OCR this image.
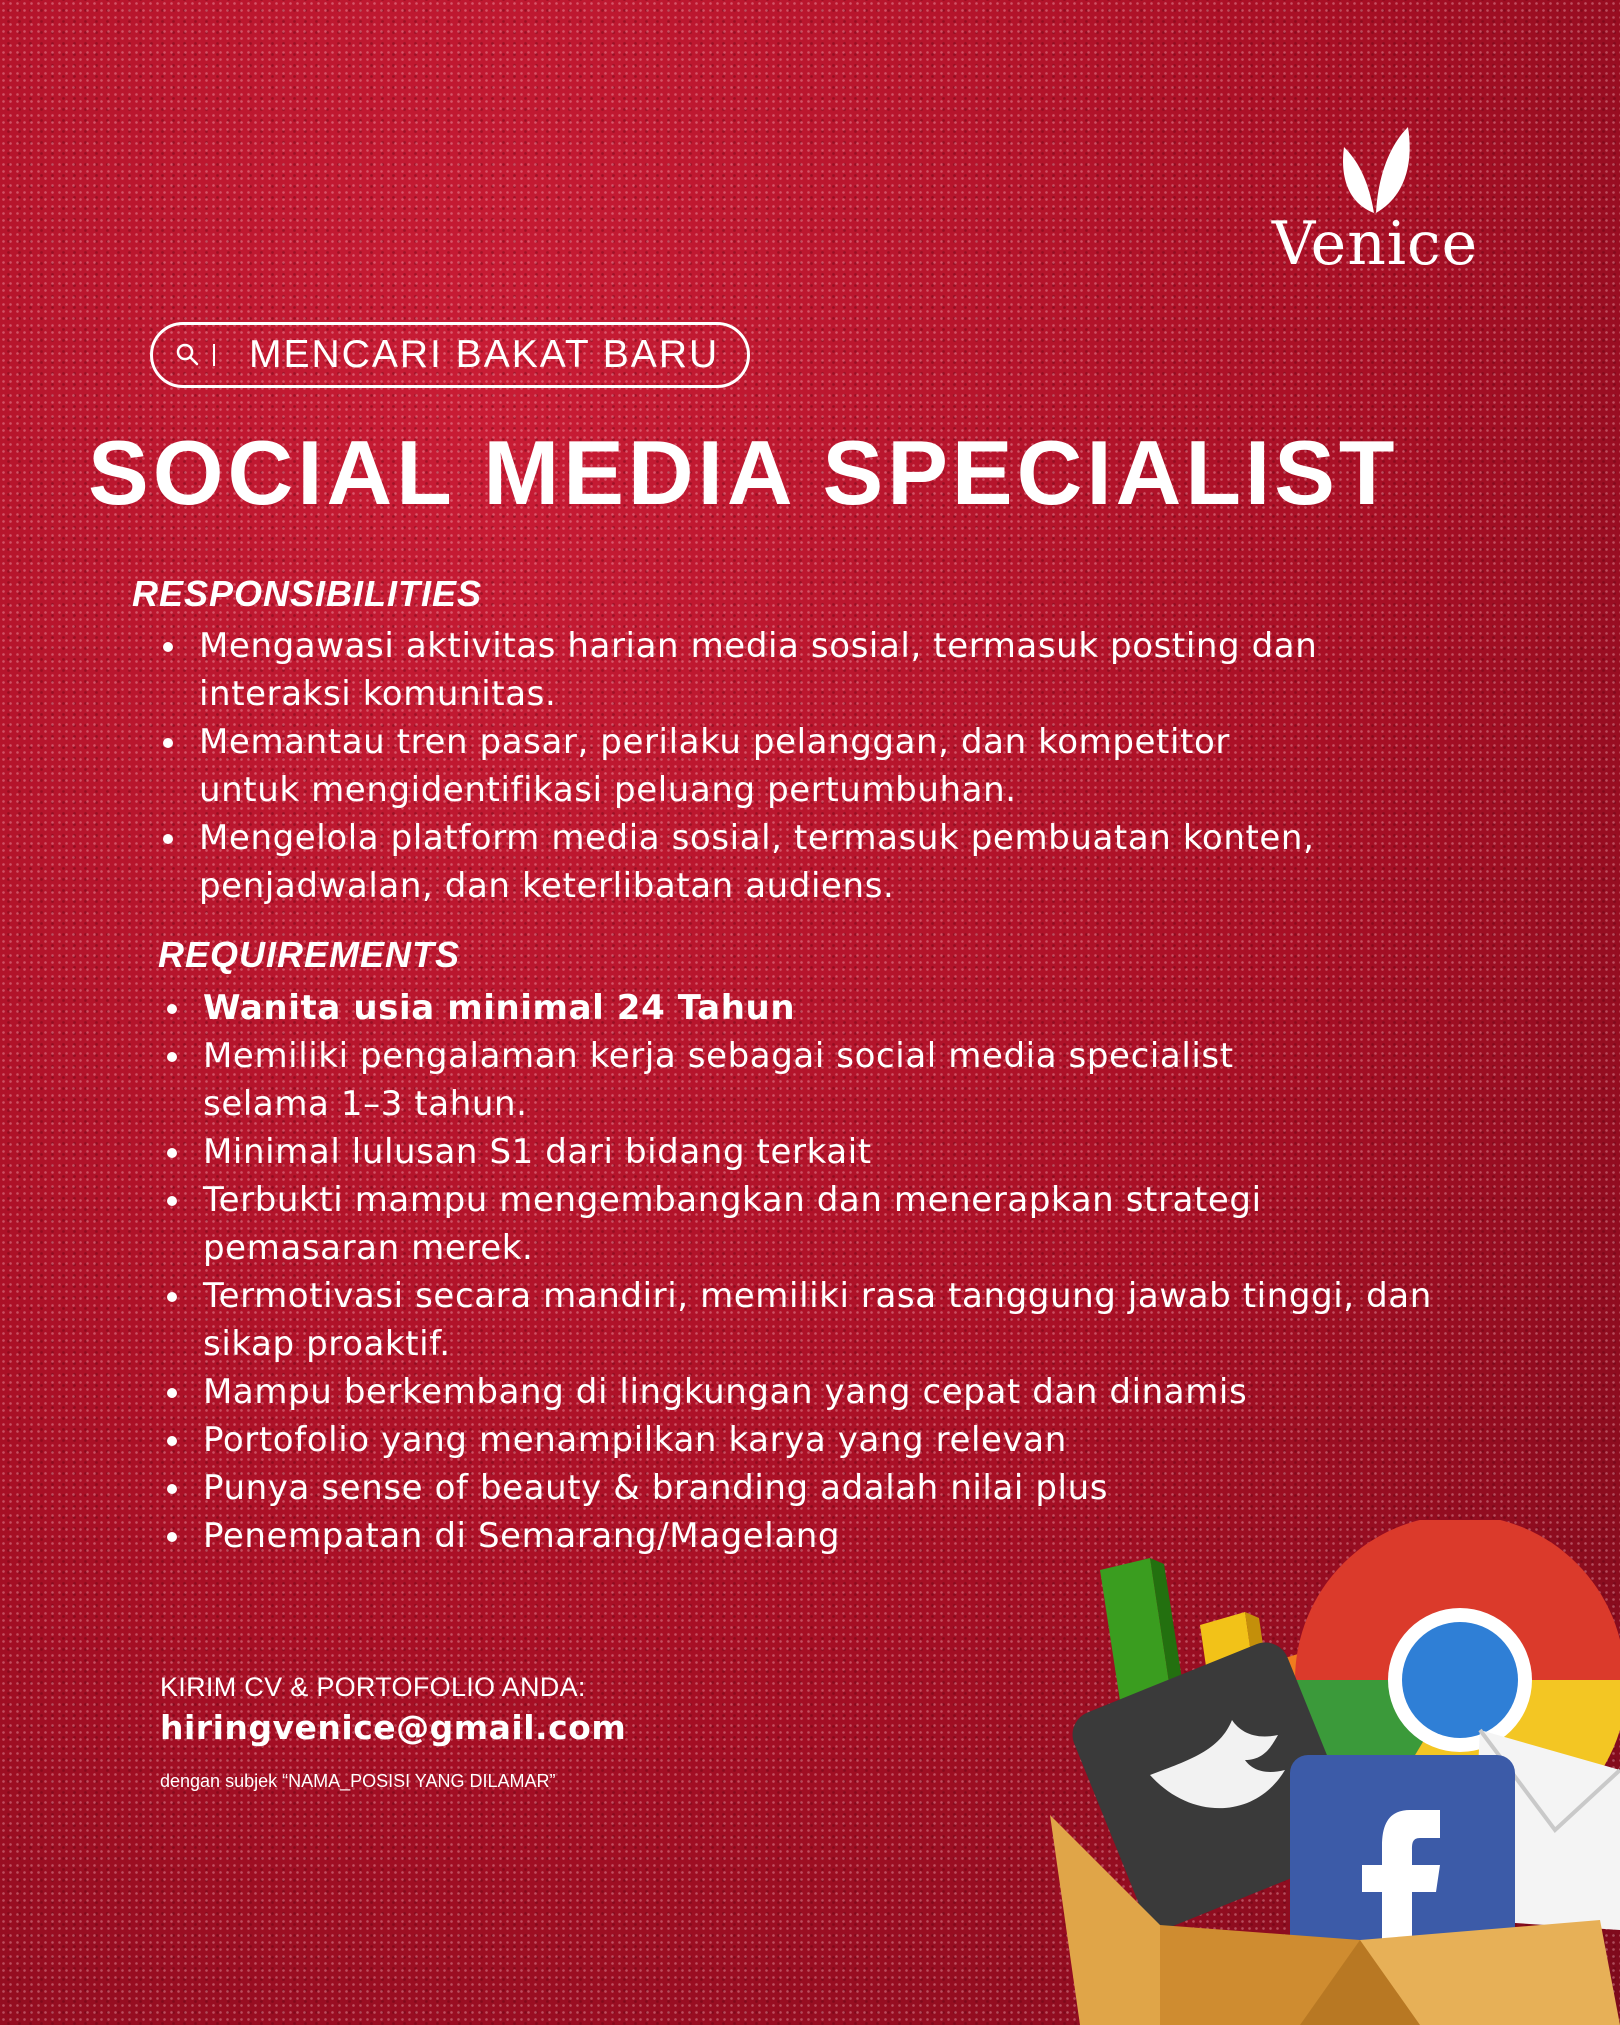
Venice
MENCARI BAKAT BARU
SOCIAL MEDIA SPECIALIST
RESPONSIBILITIES
Mengawasi aktivitas harian media sosial, termasuk posting dan interaksi komunitas.
Memantau tren pasar, perilaku pelanggan, dan kompetitor untuk mengidentifikasi peluang pertumbuhan.
Mengelola platform media sosial, termasuk pembuatan konten, penjadwalan, dan keterlibatan audiens.
REQUIREMENTS
Wanita usia minimal 24 Tahun
Memiliki pengalaman kerja sebagai social media specialist selama 1–3 tahun.
Minimal lulusan S1 dari bidang terkait
Terbukti mampu mengembangkan dan menerapkan strategi pemasaran merek.
Termotivasi secara mandiri, memiliki rasa tanggung jawab tinggi, dan sikap proaktif.
Mampu berkembang di lingkungan yang cepat dan dinamis
Portofolio yang menampilkan karya yang relevan
Punya sense of beauty & branding adalah nilai plus
Penempatan di Semarang/Magelang
KIRIM CV & PORTOFOLIO ANDA:
hiringvenice@gmail.com
dengan subjek “NAMA_POSISI YANG DILAMAR”
